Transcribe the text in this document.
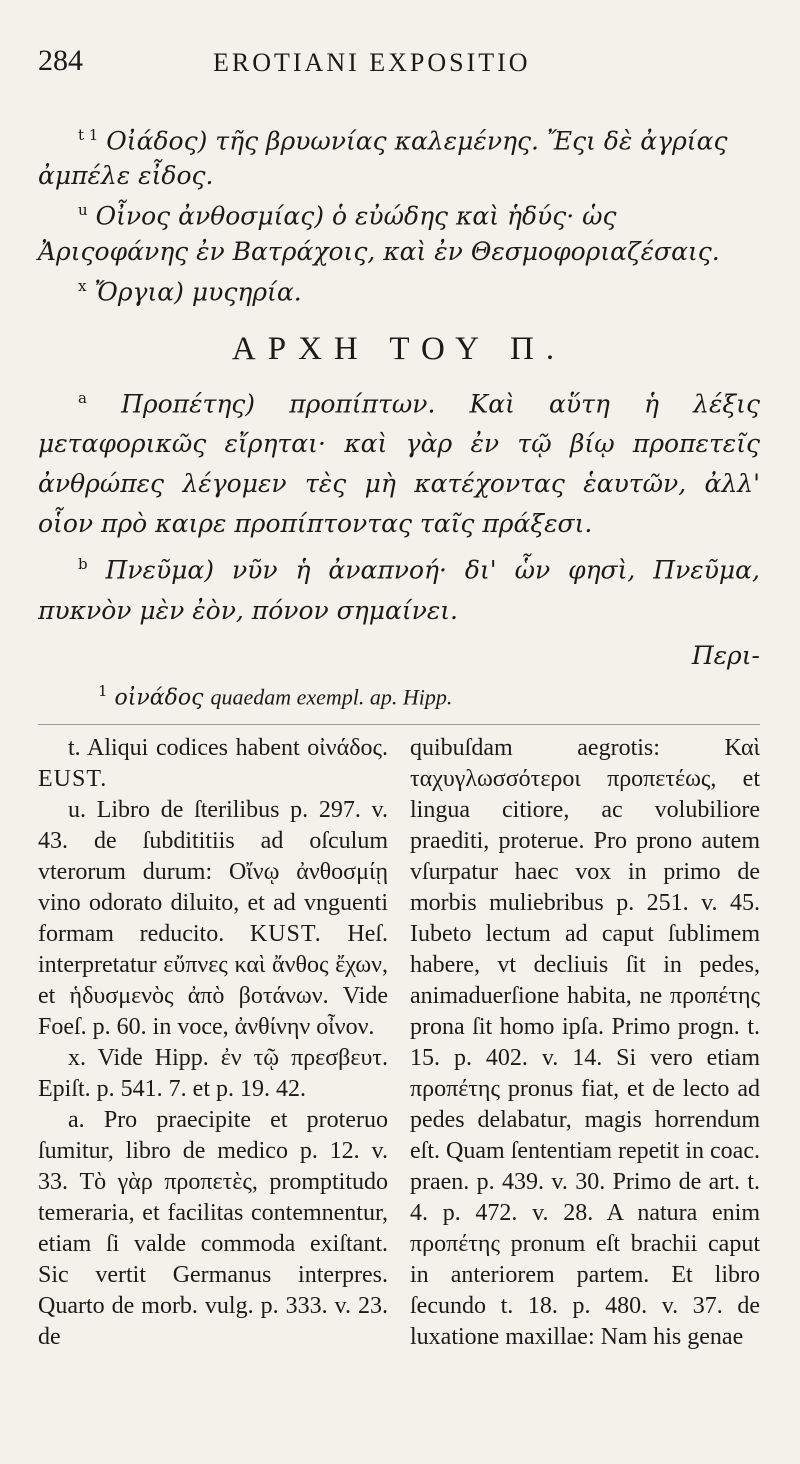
284	EROTIANI EXPOSITIO

$^{t 1}$ Οἰάδος) τῆς βρυωνίας καλεμένης. Ἔςι δὲ ἀγρίας ἀμπέλε εἶδος.

$^u$ Οἶνος ἀνθοσμίας) ὁ εὐώδης καὶ ἡδύς· ὡς Ἀριςοφάνης ἐν Βατράχοις, καὶ ἐν Θεσμοφοριαζέσαις.

$^x$ Ὄργια) μυςηρία.

ΑΡΧΗ ΤΟΥ Π.

$^a$ Προπέτης) προπίπτων. Καὶ αὕτη ἡ λέξις μεταφορικῶς εἴρηται· καὶ γὰρ ἐν τῷ βίῳ προπετεῖς ἀνθρώπες λέγομεν τὲς μὴ κατέχοντας ἑαυτῶν, ἀλλ' οἷον πρὸ καιρε προπίπτοντας ταῖς πράξεσι.

$^b$ Πνεῦμα) νῦν ἡ ἀναπνοή· δι' ὧν φησὶ, Πνεῦμα, πυκνὸν μὲν ἐὸν, πόνον σημαίνει.

Περι-
$^1$ οἰνάδος quaedam exempl. ap. Hipp.

t. Aliqui codices habent οἰνάδος. EUST.

u. Libro de ſterilibus p. 297. v. 43. de ſubdititiis ad oſculum vterorum durum: Οἴνῳ ἀνθοσμίῃ vino odorato diluito, et ad vnguenti formam reducito. KUST. Heſ. interpretatur εὔπνες καὶ ἄνθος ἔχων, et ἡδυσμενὸς ἀπὸ βοτάνων. Vide Foeſ. p. 60. in voce, ἀνθίνην οἶνον.

x. Vide Hipp. ἐν τῷ πρεσβευτ. Epiſt. p. 541. 7. et p. 19. 42.

a. Pro praecipite et proteruo ſumitur, libro de medico p. 12. v. 33. Τὸ γὰρ προπετὲς, promptitudo temeraria, et facilitas contemnentur, etiam ſi valde commoda exiſtant. Sic vertit Germanus interpres. Quarto de morb. vulg. p. 333. v. 23. de

quibuſdam aegrotis: Καὶ ταχυγλωσσότεροι προπετέως, et lingua citiore, ac volubiliore praediti, proterue. Pro prono autem vſurpatur haec vox in primo de morbis muliebribus p. 251. v. 45. Iubeto lectum ad caput ſublimem habere, vt decliuis ſit in pedes, animaduerſione habita, ne προπέτης prona ſit homo ipſa. Primo progn. t. 15. p. 402. v. 14. Si vero etiam προπέτης pronus fiat, et de lecto ad pedes delabatur, magis horrendum eſt. Quam ſententiam repetit in coac. praen. p. 439. v. 30. Primo de art. t. 4. p. 472. v. 28. A natura enim προπέτης pronum eſt brachii caput in anteriorem partem. Et libro ſecundo t. 18. p. 480. v. 37. de luxatione maxillae: Nam his genae
